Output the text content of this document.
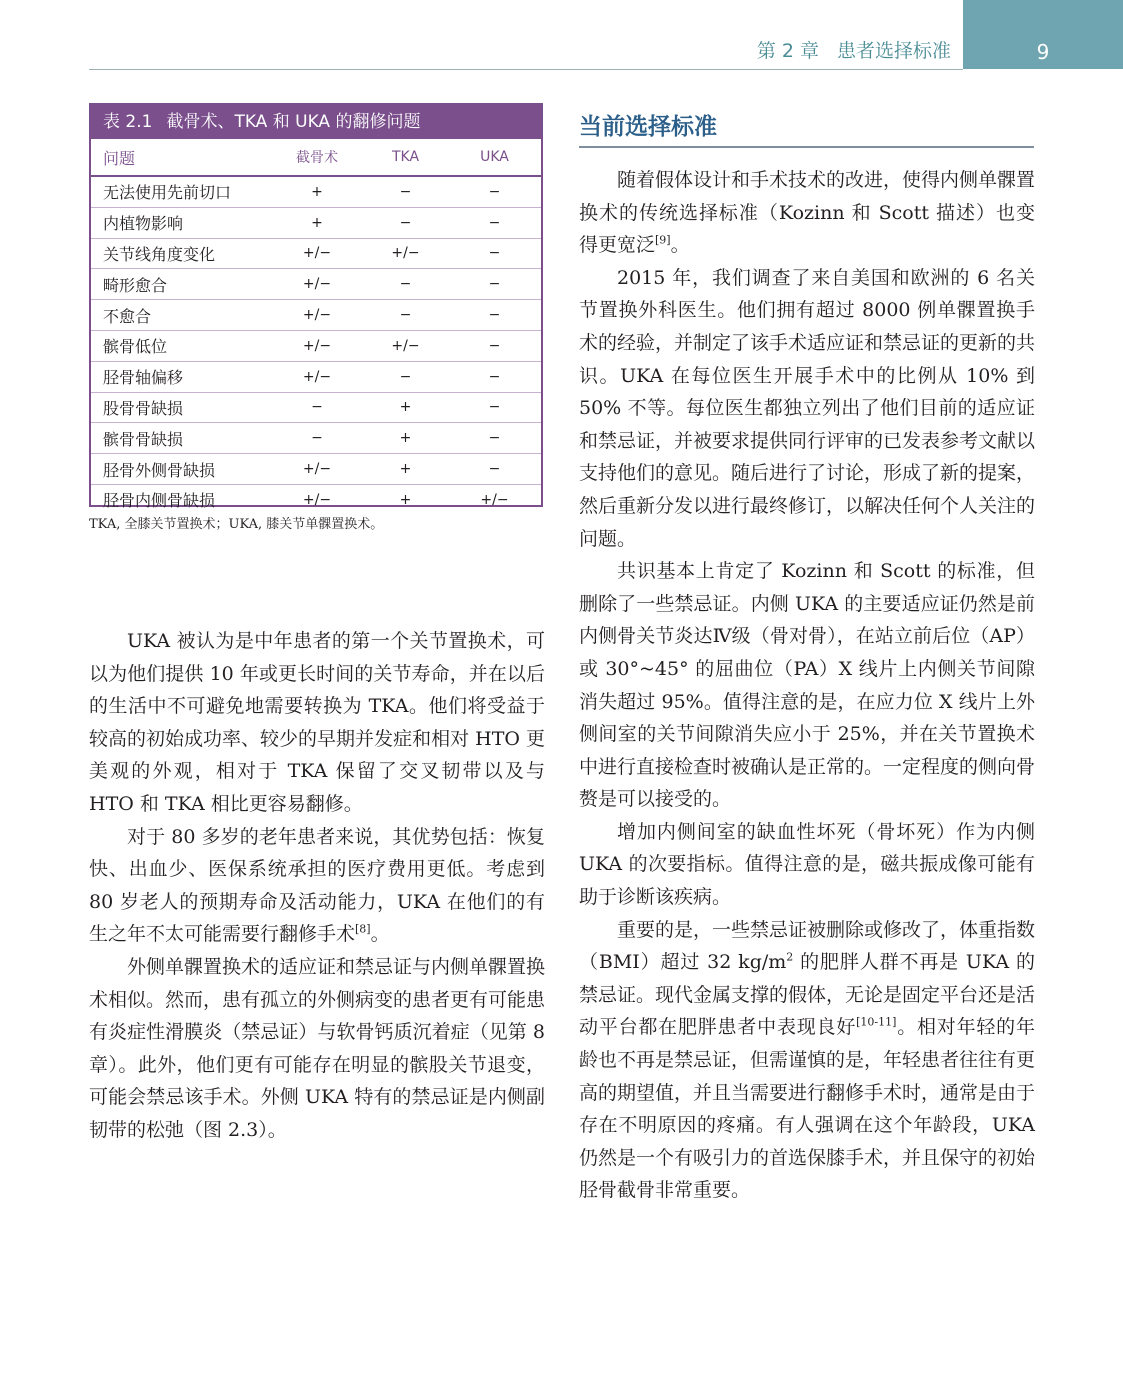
9
第 2 章 患者选择标准
表 2.1 截骨术、TKA 和 UKA 的翻修问题
问题	截骨术	TKA	UKA
无法使用先前切口	+	−	−
内植物影响	+	−	−
关节线角度变化	+/−	+/−	−
畸形愈合	+/−	−	−
不愈合	+/−	−	−
髌骨低位	+/−	+/−	−
胫骨轴偏移	+/−	−	−
股骨骨缺损	−	+	−
髌骨骨缺损	−	+	−
胫骨外侧骨缺损	+/−	+	−
胫骨内侧骨缺损	+/−	+	+/−
TKA, 全膝关节置换术；UKA, 膝关节单髁置换术。

UKA 被认为是中年患者的第一个关节置换术，可以为他们提供 10 年或更长时间的关节寿命，并在以后的生活中不可避免地需要转换为 TKA。他们将受益于较高的初始成功率、较少的早期并发症和相对 HTO 更美观的外观，相对于 TKA 保留了交叉韧带以及与 HTO 和 TKA 相比更容易翻修。

对于 80 多岁的老年患者来说，其优势包括：恢复快、出血少、医保系统承担的医疗费用更低。考虑到 80 岁老人的预期寿命及活动能力，UKA 在他们的有生之年不太可能需要行翻修手术[8]。

外侧单髁置换术的适应证和禁忌证与内侧单髁置换术相似。然而，患有孤立的外侧病变的患者更有可能患有炎症性滑膜炎（禁忌证）与软骨钙质沉着症（见第 8 章）。此外，他们更有可能存在明显的髌股关节退变，可能会禁忌该手术。外侧 UKA 特有的禁忌证是内侧副韧带的松弛（图 2.3）。

当前选择标准

随着假体设计和手术技术的改进，使得内侧单髁置换术的传统选择标准（Kozinn 和 Scott 描述）也变得更宽泛[9]。

2015 年，我们调查了来自美国和欧洲的 6 名关节置换外科医生。他们拥有超过 8000 例单髁置换手术的经验，并制定了该手术适应证和禁忌证的更新的共识。UKA 在每位医生开展手术中的比例从 10% 到 50% 不等。每位医生都独立列出了他们目前的适应证和禁忌证，并被要求提供同行评审的已发表参考文献以支持他们的意见。随后进行了讨论，形成了新的提案，然后重新分发以进行最终修订，以解决任何个人关注的问题。

共识基本上肯定了 Kozinn 和 Scott 的标准，但删除了一些禁忌证。内侧 UKA 的主要适应证仍然是前内侧骨关节炎达Ⅳ级（骨对骨），在站立前后位（AP）或 30°~45° 的屈曲位（PA）X 线片上内侧关节间隙消失超过 95%。值得注意的是，在应力位 X 线片上外侧间室的关节间隙消失应小于 25%，并在关节置换术中进行直接检查时被确认是正常的。一定程度的侧向骨赘是可以接受的。

增加内侧间室的缺血性坏死（骨坏死）作为内侧 UKA 的次要指标。值得注意的是，磁共振成像可能有助于诊断该疾病。

重要的是，一些禁忌证被删除或修改了，体重指数（BMI）超过 32 $kg/m^2$ 的肥胖人群不再是 UKA 的禁忌证。现代金属支撑的假体，无论是固定平台还是活动平台都在肥胖患者中表现良好[10-11]。相对年轻的年龄也不再是禁忌证，但需谨慎的是，年轻患者往往有更高的期望值，并且当需要进行翻修手术时，通常是由于存在不明原因的疼痛。有人强调在这个年龄段，UKA 仍然是一个有吸引力的首选保膝手术，并且保守的初始胫骨截骨非常重要。
